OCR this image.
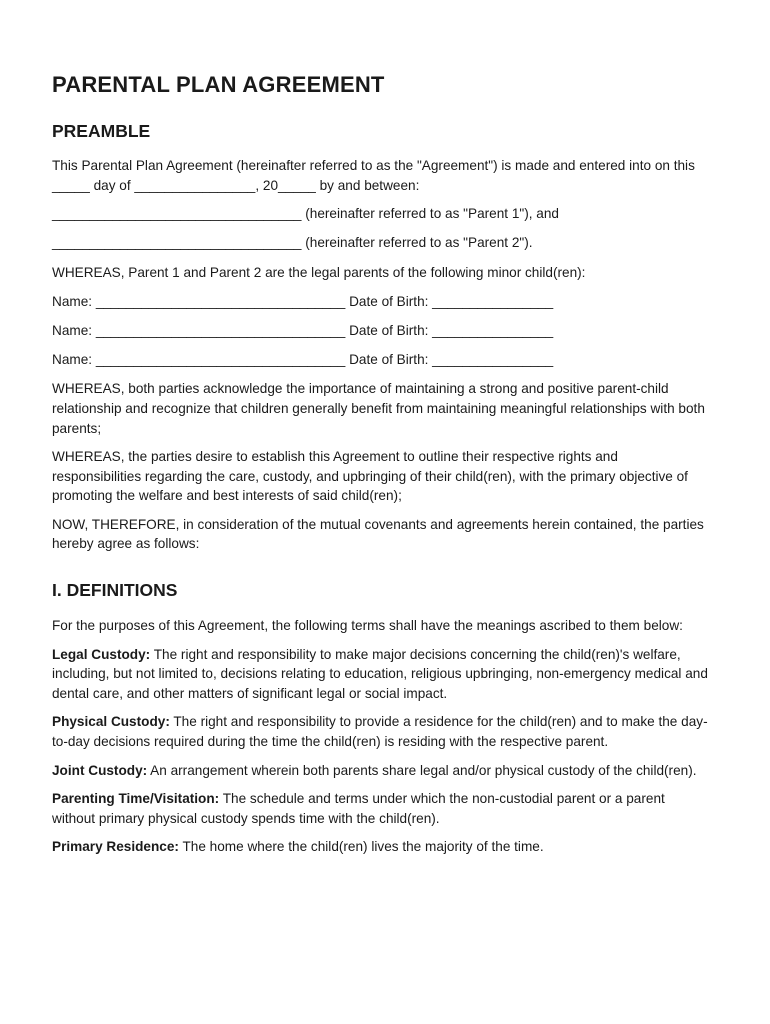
PARENTAL PLAN AGREEMENT
PREAMBLE

This Parental Plan Agreement (hereinafter referred to as the "Agreement") is made and entered into on this _____ day of ________________, 20_____ by and between:

_________________________________ (hereinafter referred to as "Parent 1"), and
_________________________________ (hereinafter referred to as "Parent 2").
WHEREAS, Parent 1 and Parent 2 are the legal parents of the following minor child(ren):
Name: _________________________________ Date of Birth: ________________
Name: _________________________________ Date of Birth: ________________
Name: _________________________________ Date of Birth: ________________

WHEREAS, both parties acknowledge the importance of maintaining a strong and positive parent-child relationship and recognize that children generally benefit from maintaining meaningful relationships with both parents;

WHEREAS, the parties desire to establish this Agreement to outline their respective rights and responsibilities regarding the care, custody, and upbringing of their child(ren), with the primary objective of promoting the welfare and best interests of said child(ren);

NOW, THEREFORE, in consideration of the mutual covenants and agreements herein contained, the parties hereby agree as follows:

I. DEFINITIONS

For the purposes of this Agreement, the following terms shall have the meanings ascribed to them below:

Legal Custody: The right and responsibility to make major decisions concerning the child(ren)'s welfare, including, but not limited to, decisions relating to education, religious upbringing, non-emergency medical and dental care, and other matters of significant legal or social impact.

Physical Custody: The right and responsibility to provide a residence for the child(ren) and to make the day-to-day decisions required during the time the child(ren) is residing with the respective parent.

Joint Custody: An arrangement wherein both parents share legal and/or physical custody of the child(ren).

Parenting Time/Visitation: The schedule and terms under which the non-custodial parent or a parent without primary physical custody spends time with the child(ren).

Primary Residence: The home where the child(ren) lives the majority of the time.
